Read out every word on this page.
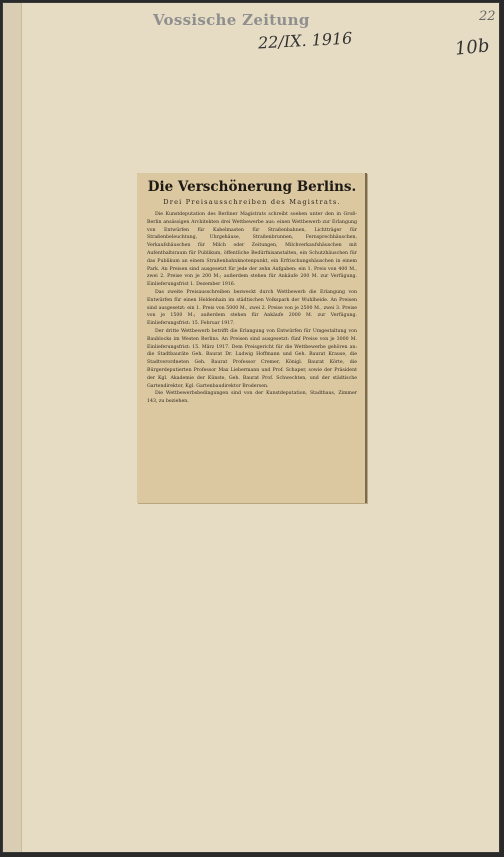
Vossische Zeitung
22/IX. 1916
22
10b
Die Verschönerung Berlins.
Drei Preisausschreiben des Magistrats.

Die Kunstdeputation des Berliner Magistrats schreibt soeben unter den in Groß-Berlin ansässigen Architekten drei Wettbewerbe aus: einen Wettbewerb zur Erlangung von Entwürfen für Kabelmasten für Straßenbahnen, Lichtträger für Straßenbeleuchtung, Uhrgehäuse, Straßenbrunnen, Fernsprechhäuschen, Verkaufshäuschen für Milch oder Zeitungen, Milchverkaufshäuschen mit Aufenthaltsraum für Publikum, öffentliche Bedürfnisanstalten, ein Schutzhäuschen für das Publikum an einem Straßenbahnknotenpunkt, ein Erfrischungshäuschen in einem Park. An Preisen sind ausgesetzt für jede der zehn Aufgaben: ein 1. Preis von 400 M., zwei 2. Preise von je 200 M.; außerdem stehen für Ankäufe 200 M. zur Verfügung. Einlieferungsfrist 1. Dezember 1916.

Das zweite Preisausschreiben bezweckt durch Wettbewerb die Erlangung von Entwürfen für einen Heldenhain im städtischen Volkspark der Wuhlheide. An Preisen sind ausgesetzt: ein 1. Preis von 5000 M., zwei 2. Preise von je 2500 M., zwei 3. Preise von je 1500 M.; außerdem stehen für Ankäufe 2000 M. zur Verfügung. Einlieferungsfrist: 15. Februar 1917.

Der dritte Wettbewerb betrifft die Erlangung von Entwürfen für Umgestaltung von Baublocks im Westen Berlins. An Preisen sind ausgesetzt: fünf Preise von je 3000 M. Einlieferungsfrist: 15. März 1917. Dem Preisgericht für die Wettbewerbe gehören an: die Stadtbauräte Geh. Baurat Dr. Ludwig Hoffmann und Geh. Baurat Krause, die Stadtverordneten Geh. Baurat Professor Cremer, Königl. Baurat Körte, die Bürgerdeputierten Professor Max Liebermann und Prof. Schaper, sowie der Präsident der Kgl. Akademie der Künste, Geh. Baurat Prof. Schwechten, und der städtische Gartendirektor, Kgl. Gartenbaudirektor Brodersen.

Die Wettbewerbsbedingungen sind von der Kunstdeputation, Stadthaus, Zimmer 143, zu beziehen.
